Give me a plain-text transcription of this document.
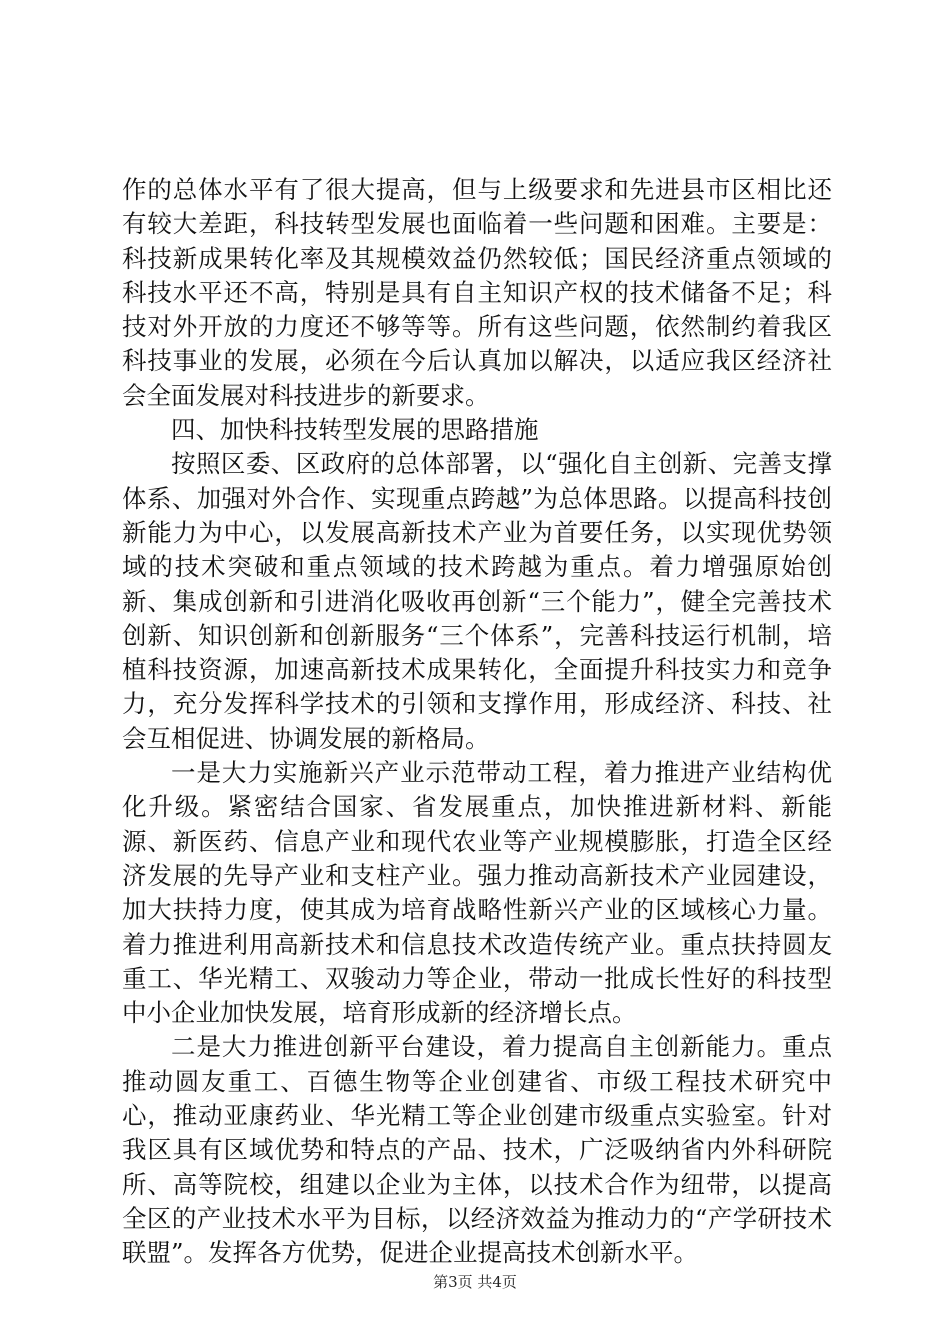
作的总体水平有了很大提高，但与上级要求和先进县市区相比还有较大差距，科技转型发展也面临着一些问题和困难。主要是：科技新成果转化率及其规模效益仍然较低；国民经济重点领域的科技水平还不高，特别是具有自主知识产权的技术储备不足；科技对外开放的力度还不够等等。所有这些问题，依然制约着我区科技事业的发展，必须在今后认真加以解决，以适应我区经济社会全面发展对科技进步的新要求。

四、加快科技转型发展的思路措施

按照区委、区政府的总体部署，以“强化自主创新、完善支撑体系、加强对外合作、实现重点跨越”为总体思路。以提高科技创新能力为中心，以发展高新技术产业为首要任务，以实现优势领域的技术突破和重点领域的技术跨越为重点。着力增强原始创新、集成创新和引进消化吸收再创新“三个能力”，健全完善技术创新、知识创新和创新服务“三个体系”，完善科技运行机制，培植科技资源，加速高新技术成果转化，全面提升科技实力和竞争力，充分发挥科学技术的引领和支撑作用，形成经济、科技、社会互相促进、协调发展的新格局。

一是大力实施新兴产业示范带动工程，着力推进产业结构优化升级。紧密结合国家、省发展重点，加快推进新材料、新能源、新医药、信息产业和现代农业等产业规模膨胀，打造全区经济发展的先导产业和支柱产业。强力推动高新技术产业园建设，加大扶持力度，使其成为培育战略性新兴产业的区域核心力量。着力推进利用高新技术和信息技术改造传统产业。重点扶持圆友重工、华光精工、双骏动力等企业，带动一批成长性好的科技型中小企业加快发展，培育形成新的经济增长点。

二是大力推进创新平台建设，着力提高自主创新能力。重点推动圆友重工、百德生物等企业创建省、市级工程技术研究中心，推动亚康药业、华光精工等企业创建市级重点实验室。针对我区具有区域优势和特点的产品、技术，广泛吸纳省内外科研院所、高等院校，组建以企业为主体，以技术合作为纽带，以提高全区的产业技术水平为目标，以经济效益为推动力的“产学研技术联盟”。发挥各方优势，促进企业提高技术创新水平。

第3页 共4页
